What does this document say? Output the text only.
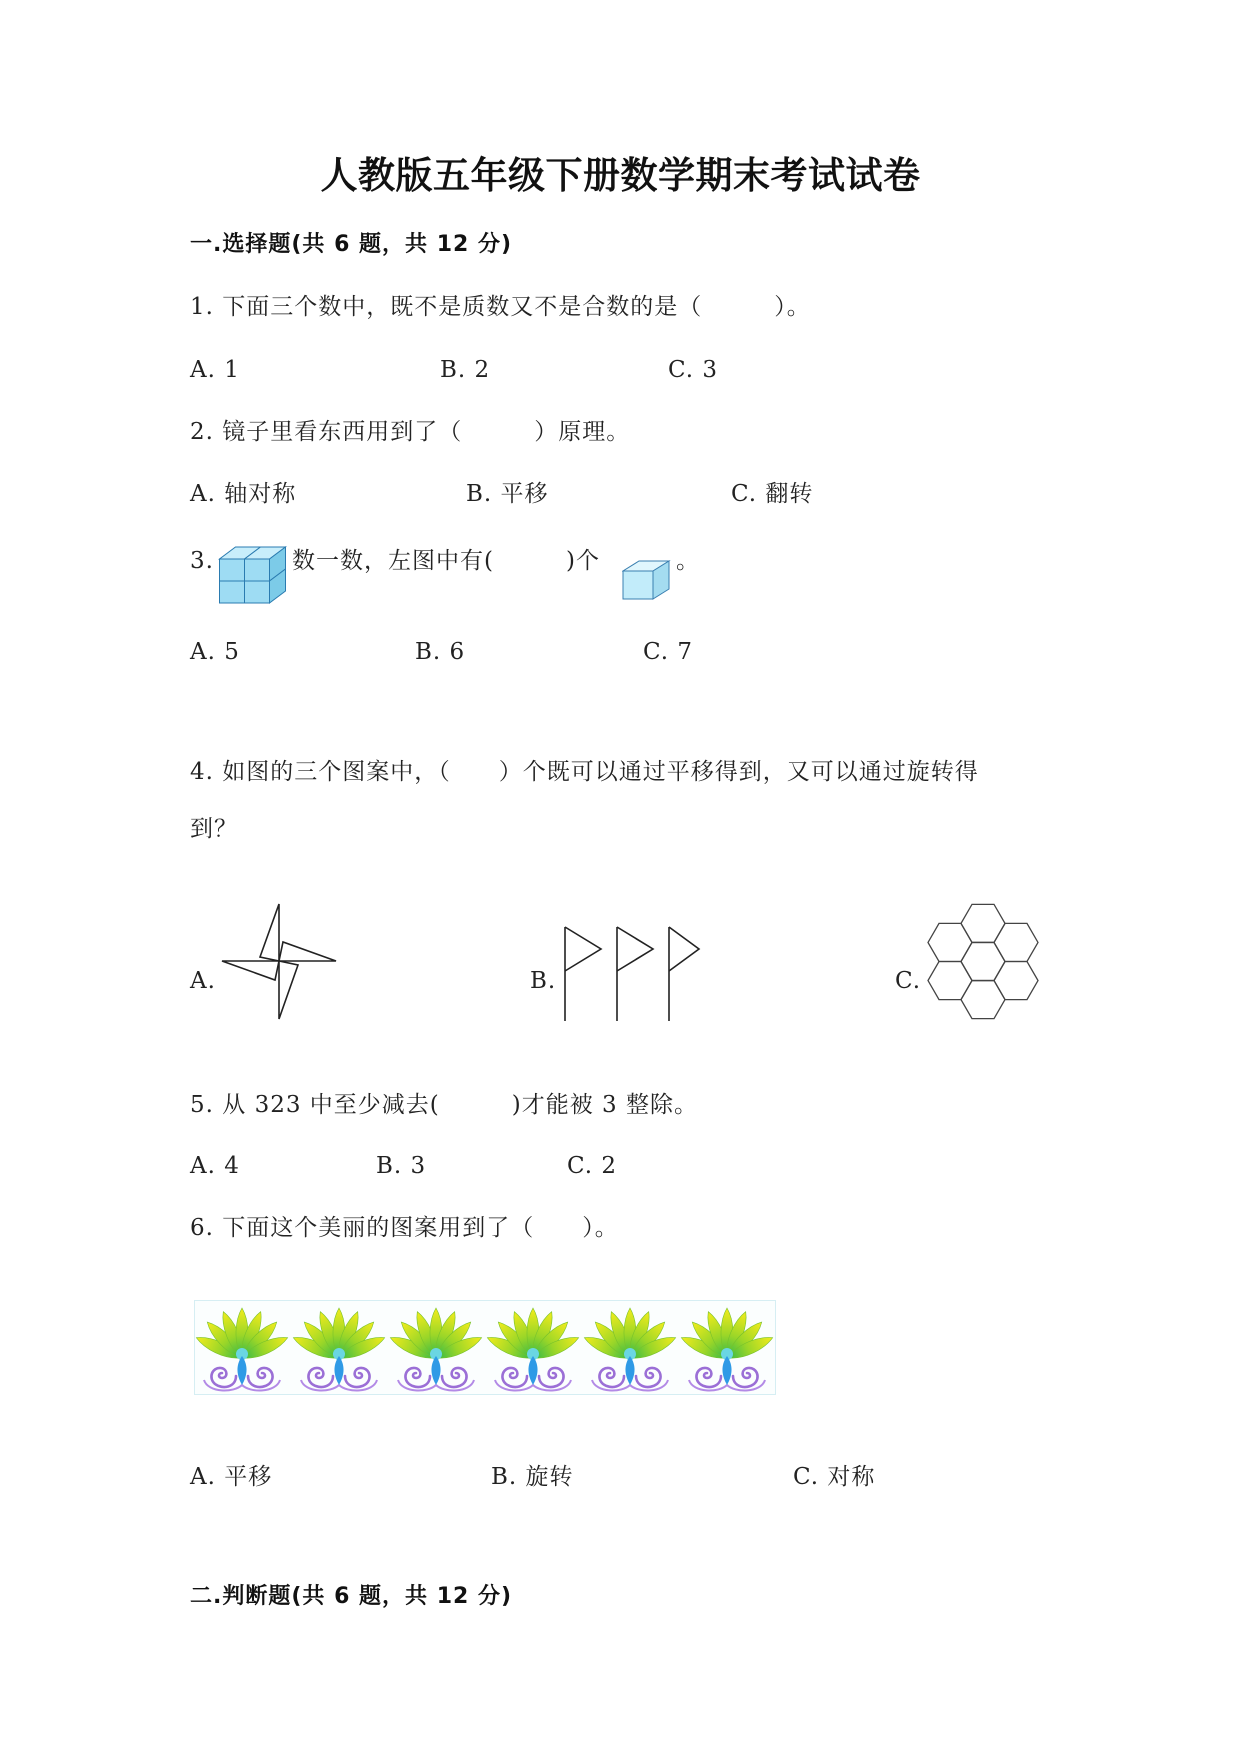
人教版五年级下册数学期末考试试卷
一.选择题(共 6 题，共 12 分)
1. 下面三个数中，既不是质数又不是合数的是（　　　）。
A. 1	B. 2	C. 3
2. 镜子里看东西用到了（　　　）原理。
A. 轴对称	B. 平移	C. 翻转
3.	数一数，左图中有(　　　)个	。
A. 5	B. 6	C. 7
4. 如图的三个图案中，（　　）个既可以通过平移得到，又可以通过旋转得
到？
A.	B.	C.
5. 从 323 中至少减去(　　　)才能被 3 整除。
A. 4	B. 3	C. 2
6. 下面这个美丽的图案用到了（　　）。
A. 平移	B. 旋转	C. 对称
二.判断题(共 6 题，共 12 分)
